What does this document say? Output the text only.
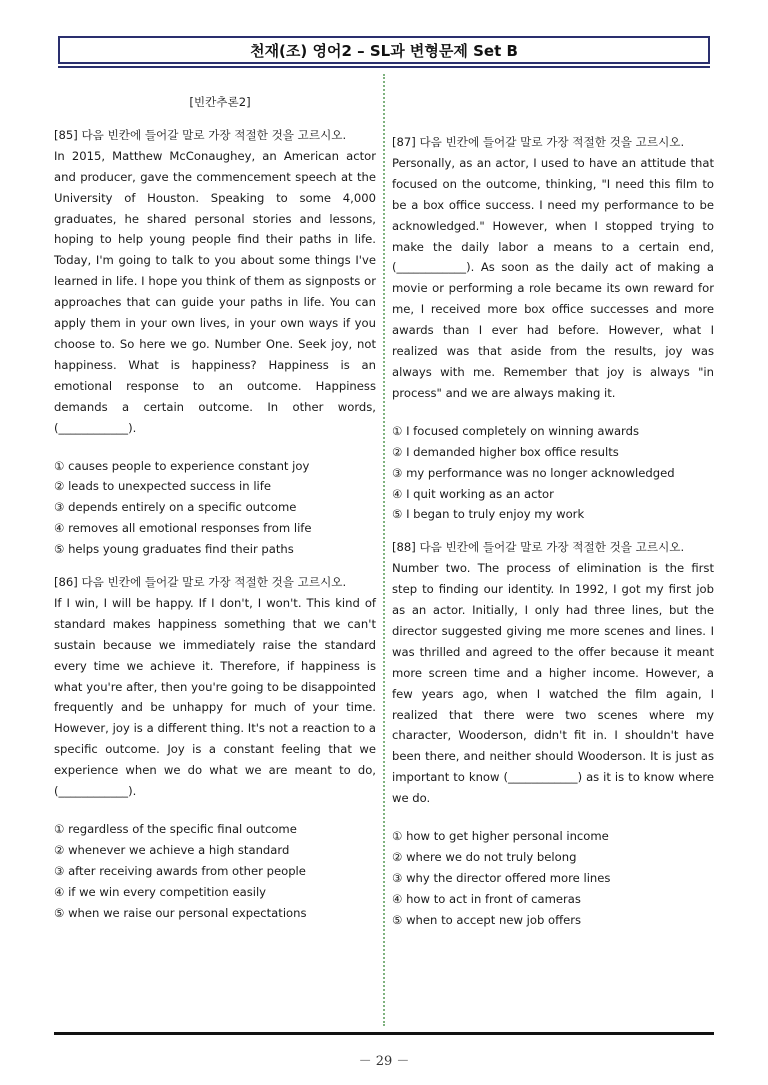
천재(조) 영어2 – SL과 변형문제 Set B
[빈칸추론2]
[85] 다음 빈칸에 들어갈 말로 가장 적절한 것을 고르시오.
In 2015, Matthew McConaughey, an American actor and producer, gave the commencement speech at the University of Houston. Speaking to some 4,000 graduates, he shared personal stories and lessons, hoping to help young people find their paths in life. Today, I'm going to talk to you about some things I've learned in life. I hope you think of them as signposts or approaches that can guide your paths in life. You can apply them in your own lives, in your own ways if you choose to. So here we go. Number One. Seek joy, not happiness. What is happiness? Happiness is an emotional response to an outcome. Happiness demands a certain outcome. In other words, (____________).
① causes people to experience constant joy
② leads to unexpected success in life
③ depends entirely on a specific outcome
④ removes all emotional responses from life
⑤ helps young graduates find their paths
[86] 다음 빈칸에 들어갈 말로 가장 적절한 것을 고르시오.
If I win, I will be happy. If I don't, I won't. This kind of standard makes happiness something that we can't sustain because we immediately raise the standard every time we achieve it. Therefore, if happiness is what you're after, then you're going to be disappointed frequently and be unhappy for much of your time. However, joy is a different thing. It's not a reaction to a specific outcome. Joy is a constant feeling that we experience when we do what we are meant to do, (____________).
① regardless of the specific final outcome
② whenever we achieve a high standard
③ after receiving awards from other people
④ if we win every competition easily
⑤ when we raise our personal expectations
[87] 다음 빈칸에 들어갈 말로 가장 적절한 것을 고르시오.
Personally, as an actor, I used to have an attitude that focused on the outcome, thinking, "I need this film to be a box office success. I need my performance to be acknowledged." However, when I stopped trying to make the daily labor a means to a certain end, (____________). As soon as the daily act of making a movie or performing a role became its own reward for me, I received more box office successes and more awards than I ever had before. However, what I realized was that aside from the results, joy was always with me. Remember that joy is always "in process" and we are always making it.
① I focused completely on winning awards
② I demanded higher box office results
③ my performance was no longer acknowledged
④ I quit working as an actor
⑤ I began to truly enjoy my work
[88] 다음 빈칸에 들어갈 말로 가장 적절한 것을 고르시오.
Number two. The process of elimination is the first step to finding our identity. In 1992, I got my first job as an actor. Initially, I only had three lines, but the director suggested giving me more scenes and lines. I was thrilled and agreed to the offer because it meant more screen time and a higher income. However, a few years ago, when I watched the film again, I realized that there were two scenes where my character, Wooderson, didn't fit in. I shouldn't have been there, and neither should Wooderson. It is just as important to know (____________) as it is to know where we do.
① how to get higher personal income
② where we do not truly belong
③ why the director offered more lines
④ how to act in front of cameras
⑤ when to accept new job offers
－ 29 －
